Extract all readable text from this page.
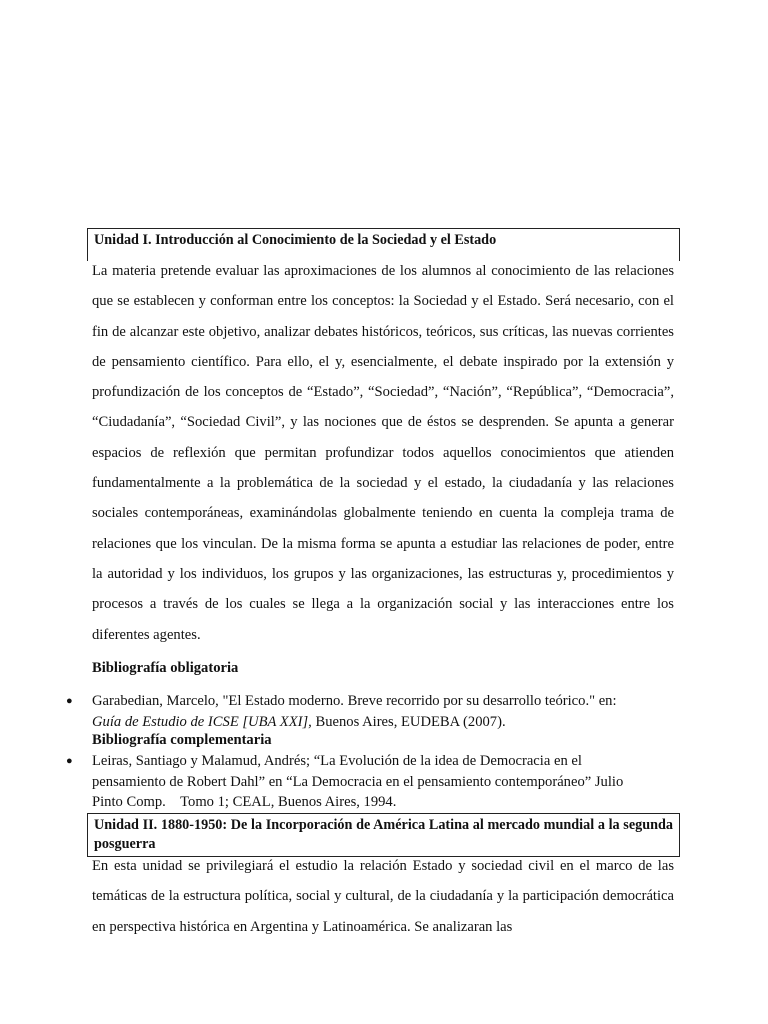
Unidad I. Introducción al Conocimiento de la Sociedad y el Estado

La materia pretende evaluar las aproximaciones de los alumnos al conocimiento de las relaciones que se establecen y conforman entre los conceptos: la Sociedad y el Estado. Será necesario, con el fin de alcanzar este objetivo, analizar debates históricos, teóricos, sus críticas, las nuevas corrientes de pensamiento científico. Para ello, el y, esencialmente, el debate inspirado por la extensión y profundización de los conceptos de “Estado”, “Sociedad”, “Nación”, “República”, “Democracia”, “Ciudadanía”, “Sociedad Civil”, y las nociones que de éstos se desprenden. Se apunta a generar espacios de reflexión que permitan profundizar todos aquellos conocimientos que atienden fundamentalmente a la problemática de la sociedad y el estado, la ciudadanía y las relaciones sociales contemporáneas, examinándolas globalmente teniendo en cuenta la compleja trama de relaciones que los vinculan. De la misma forma se apunta a estudiar las relaciones de poder, entre la autoridad y los individuos, los grupos y las organizaciones, las estructuras y, procedimientos y procesos a través de los cuales se llega a la organización social y las interacciones entre los diferentes agentes.

Bibliografía obligatoria
● Garabedian, Marcelo, "El Estado moderno. Breve recorrido por su desarrollo teórico." en:
Guía de Estudio de ICSE [UBA XXI], Buenos Aires, EUDEBA (2007).
Bibliografía complementaria
● Leiras, Santiago y Malamud, Andrés; “La Evolución de la idea de Democracia en el
pensamiento de Robert Dahl” en “La Democracia en el pensamiento contemporáneo” Julio
Pinto Comp.    Tomo 1; CEAL, Buenos Aires, 1994.
Unidad II. 1880-1950: De la Incorporación de América Latina al mercado mundial a la segunda posguerra

En esta unidad se privilegiará el estudio la relación Estado y sociedad civil en el marco de las temáticas de la estructura política, social y cultural, de la ciudadanía y la participación democrática en perspectiva histórica en Argentina y Latinoamérica. Se analizaran las
